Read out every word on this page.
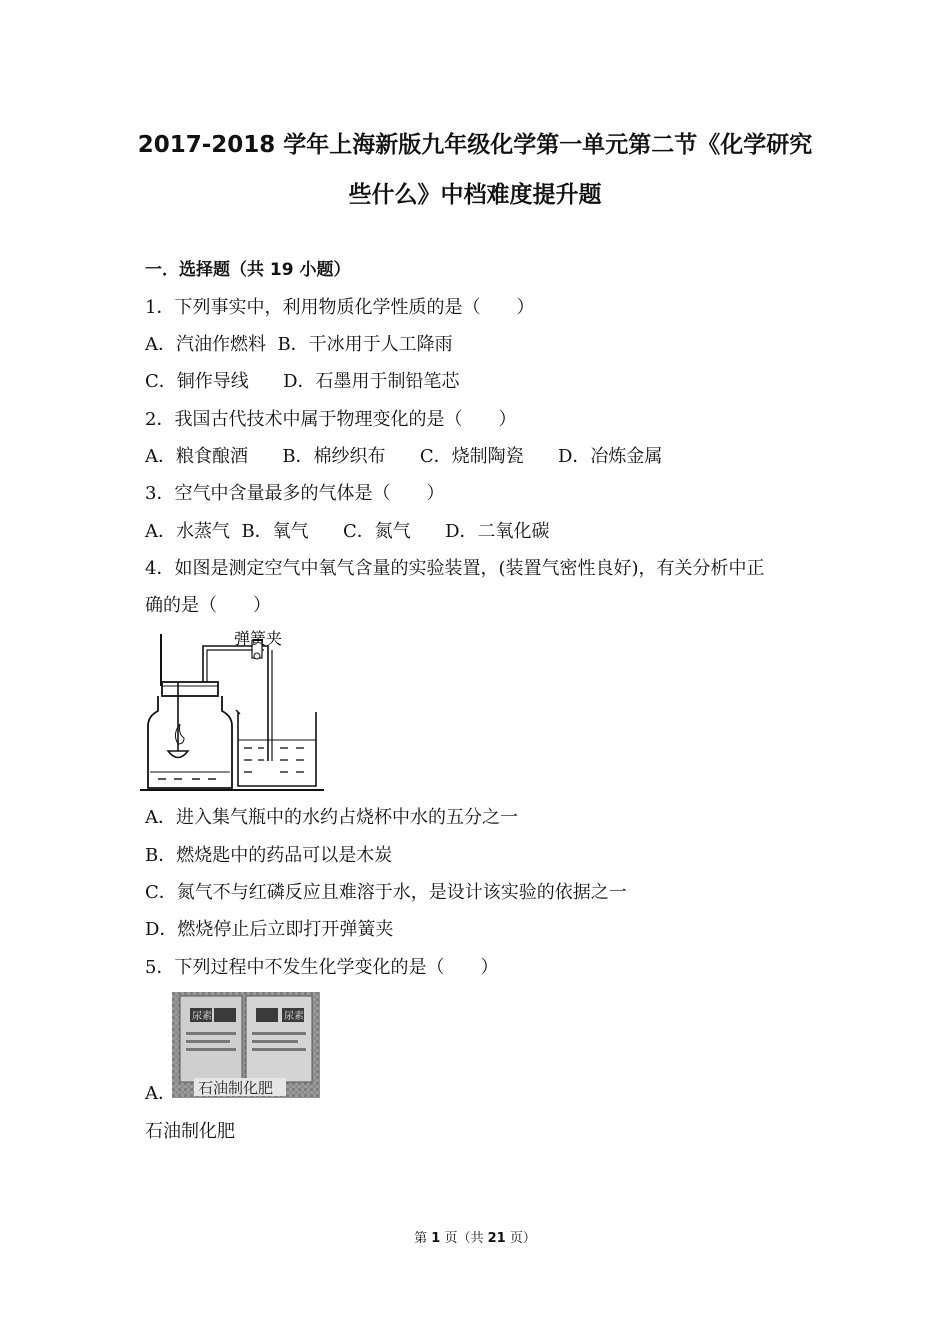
2017-2018 学年上海新版九年级化学第一单元第二节《化学研究
些什么》中档难度提升题
一．选择题（共 19 小题）
1．下列事实中，利用物质化学性质的是（　　）
A．汽油作燃料  B．干冰用于人工降雨
C．铜作导线      D．石墨用于制铅笔芯
2．我国古代技术中属于物理变化的是（　　）
A．粮食酿酒      B．棉纱织布      C．烧制陶瓷      D．冶炼金属
3．空气中含量最多的气体是（　　）
A．水蒸气  B．氧气      C．氮气      D．二氧化碳
4．如图是测定空气中氧气含量的实验装置，(装置气密性良好)，有关分析中正
确的是（　　）
弹簧夹
A．进入集气瓶中的水约占烧杯中水的五分之一
B．燃烧匙中的药品可以是木炭
C．氮气不与红磷反应且难溶于水，是设计该实验的依据之一
D．燃烧停止后立即打开弹簧夹
5．下列过程中不发生化学变化的是（　　）
尿素	尿素
石油制化肥
A．
石油制化肥
第 1 页（共 21 页）
